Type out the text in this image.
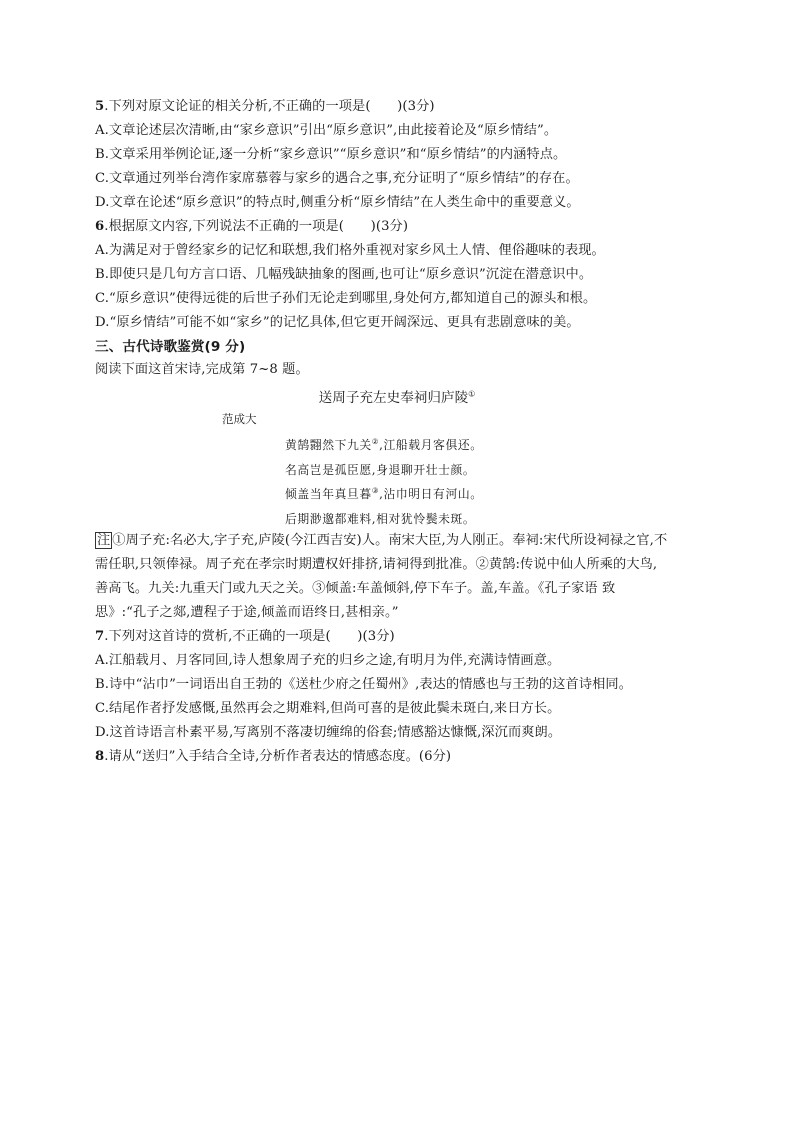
5.下列对原文论证的相关分析,不正确的一项是(　　)(3分)
A.文章论述层次清晰,由“家乡意识”引出“原乡意识”,由此接着论及“原乡情结”。
B.文章采用举例论证,逐一分析“家乡意识”“原乡意识”和“原乡情结”的内涵特点。
C.文章通过列举台湾作家席慕蓉与家乡的遇合之事,充分证明了“原乡情结”的存在。
D.文章在论述“原乡意识”的特点时,侧重分析“原乡情结”在人类生命中的重要意义。
6.根据原文内容,下列说法不正确的一项是(　　)(3分)
A.为满足对于曾经家乡的记忆和联想,我们格外重视对家乡风土人情、俚俗趣味的表现。
B.即使只是几句方言口语、几幅残缺抽象的图画,也可让“原乡意识”沉淀在潜意识中。
C.“原乡意识”使得远徙的后世子孙们无论走到哪里,身处何方,都知道自己的源头和根。
D.“原乡情结”可能不如“家乡”的记忆具体,但它更开阔深远、更具有悲剧意味的美。
三、古代诗歌鉴赏(9 分)
阅读下面这首宋诗,完成第 7~8 题。
送周子充左史奉祠归庐陵①
范成大
黄鹄翾然下九关②,江船载月客俱还。
名高岂是孤臣愿,身退聊开壮士颜。
倾盖当年真旦暮③,沾巾明日有河山。
后期渺邈都难料,相对犹怜鬓未斑。
注 ①周子充:名必大,字子充,庐陵(今江西吉安)人。南宋大臣,为人刚正。奉祠:宋代所设祠禄之官,不
需任职,只领俸禄。周子充在孝宗时期遭权奸排挤,请祠得到批准。②黄鹄:传说中仙人所乘的大鸟,
善高飞。九关:九重天门或九天之关。③倾盖:车盖倾斜,停下车子。盖,车盖。《孔子家语 致
思》:“孔子之郯,遭程子于途,倾盖而语终日,甚相亲。”
7.下列对这首诗的赏析,不正确的一项是(　　)(3分)
A.江船载月、月客同回,诗人想象周子充的归乡之途,有明月为伴,充满诗情画意。
B.诗中“沾巾”一词语出自王勃的《送杜少府之任蜀州》,表达的情感也与王勃的这首诗相同。
C.结尾作者抒发感慨,虽然再会之期难料,但尚可喜的是彼此鬓未斑白,来日方长。
D.这首诗语言朴素平易,写离别不落凄切缠绵的俗套;情感豁达慷慨,深沉而爽朗。
8.请从“送归”入手结合全诗,分析作者表达的情感态度。(6分)
